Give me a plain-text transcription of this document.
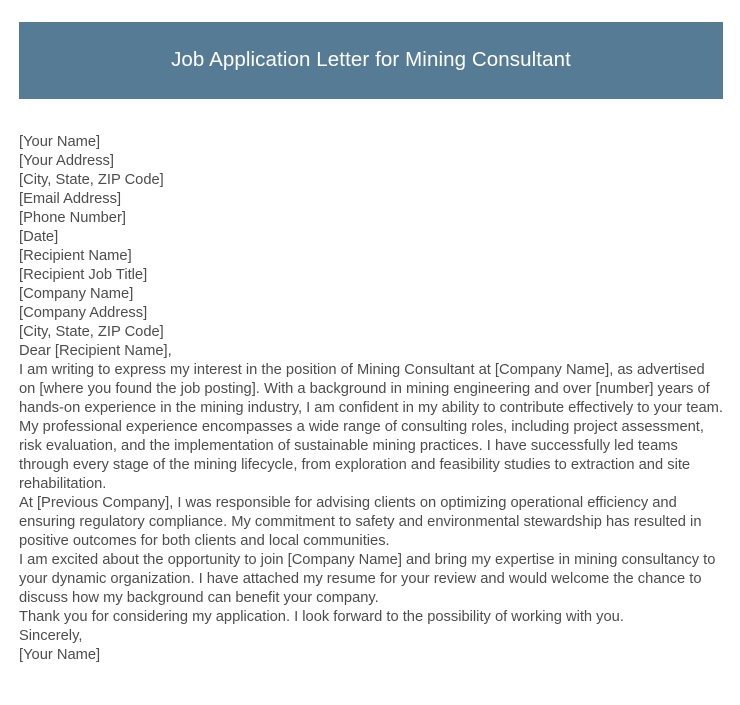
Job Application Letter for Mining Consultant
[Your Name]
[Your Address]
[City, State, ZIP Code]
[Email Address]
[Phone Number]
[Date]
[Recipient Name]
[Recipient Job Title]
[Company Name]
[Company Address]
[City, State, ZIP Code]
Dear [Recipient Name],

I am writing to express my interest in the position of Mining Consultant at [Company Name], as advertised on [where you found the job posting]. With a background in mining engineering and over [number] years of hands-on experience in the mining industry, I am confident in my ability to contribute effectively to your team.

My professional experience encompasses a wide range of consulting roles, including project assessment, risk evaluation, and the implementation of sustainable mining practices. I have successfully led teams through every stage of the mining lifecycle, from exploration and feasibility studies to extraction and site rehabilitation.

At [Previous Company], I was responsible for advising clients on optimizing operational efficiency and ensuring regulatory compliance. My commitment to safety and environmental stewardship has resulted in positive outcomes for both clients and local communities.

I am excited about the opportunity to join [Company Name] and bring my expertise in mining consultancy to your dynamic organization. I have attached my resume for your review and would welcome the chance to discuss how my background can benefit your company.

Thank you for considering my application. I look forward to the possibility of working with you.

Sincerely,
[Your Name]
